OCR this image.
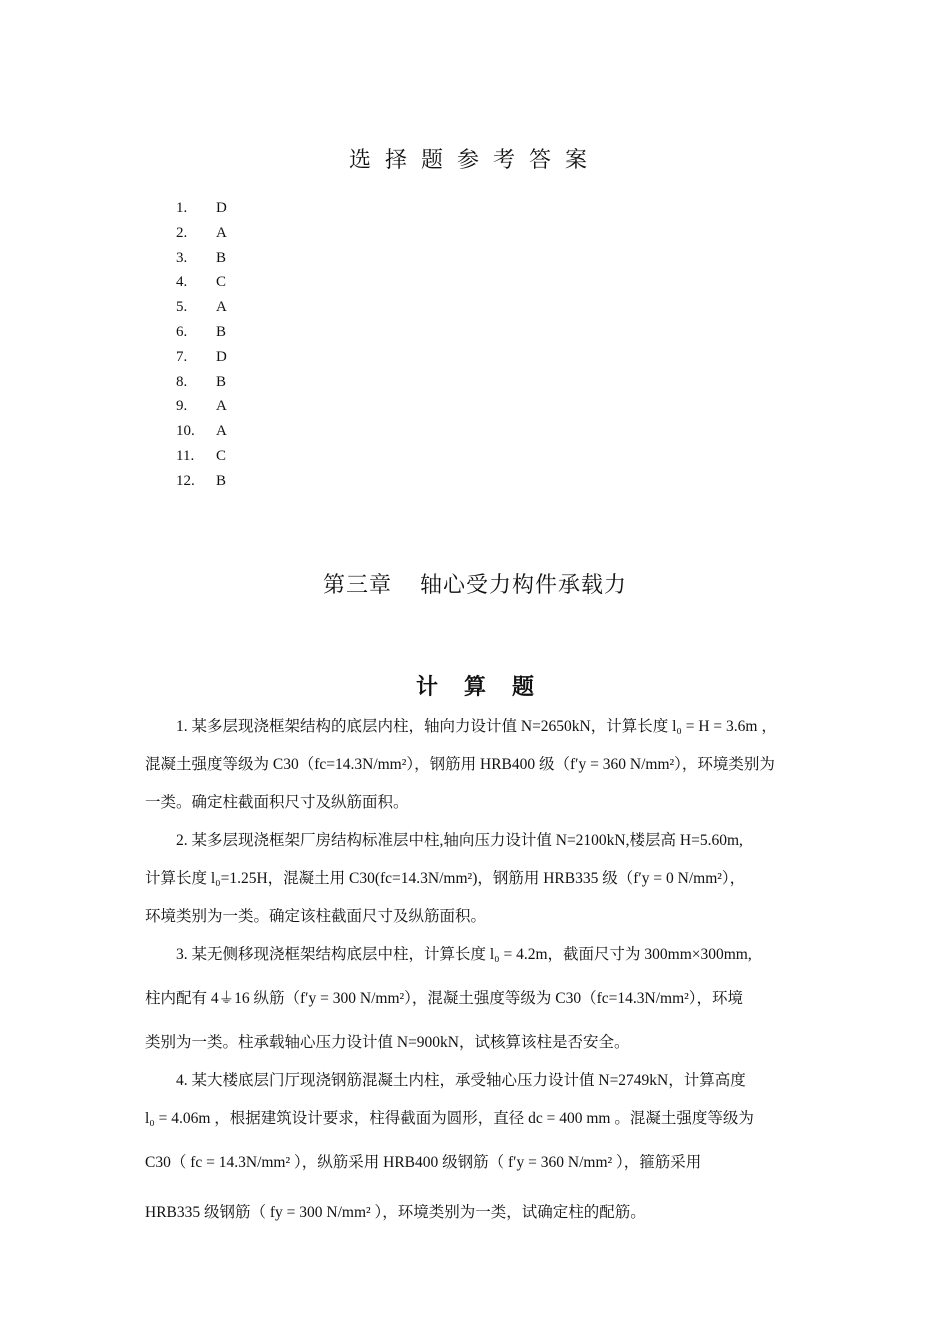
选择题参考答案
1. D
2. A
3. B
4. C
5. A
6. B
7. D
8. B
9. A
10. A
11. C
12. B
第三章 轴心受力构件承载力
计算题
1. 某多层现浇框架结构的底层内柱，轴向力设计值 N=2650kN，计算长度 l₀ = H = 3.6m ，
混凝土强度等级为 C30（fc=14.3N/mm²），钢筋用 HRB400 级（f′y = 360 N/mm²），环境类别为
一类。确定柱截面积尺寸及纵筋面积。
2. 某多层现浇框架厂房结构标准层中柱,轴向压力设计值 N=2100kN,楼层高 H=5.60m,
计算长度 l₀=1.25H，混凝土用 C30(fc=14.3N/mm²)，钢筋用 HRB335 级（f′y = 0 N/mm²），
环境类别为一类。确定该柱截面尺寸及纵筋面积。
3. 某无侧移现浇框架结构底层中柱，计算长度 l₀ = 4.2m，截面尺寸为 300mm×300mm,
柱内配有 4⏚16 纵筋（f′y = 300 N/mm²），混凝土强度等级为 C30（fc=14.3N/mm²），环境
类别为一类。柱承载轴心压力设计值 N=900kN，试核算该柱是否安全。
4. 某大楼底层门厅现浇钢筋混凝土内柱，承受轴心压力设计值 N=2749kN，计算高度
l₀ = 4.06m ，根据建筑设计要求，柱得截面为圆形，直径 dc = 400 mm 。混凝土强度等级为
C30（ fc = 14.3N/mm² ），纵筋采用 HRB400 级钢筋（ f′y = 360 N/mm² ），箍筋采用
HRB335 级钢筋（ fy = 300 N/mm² ），环境类别为一类，试确定柱的配筋。
